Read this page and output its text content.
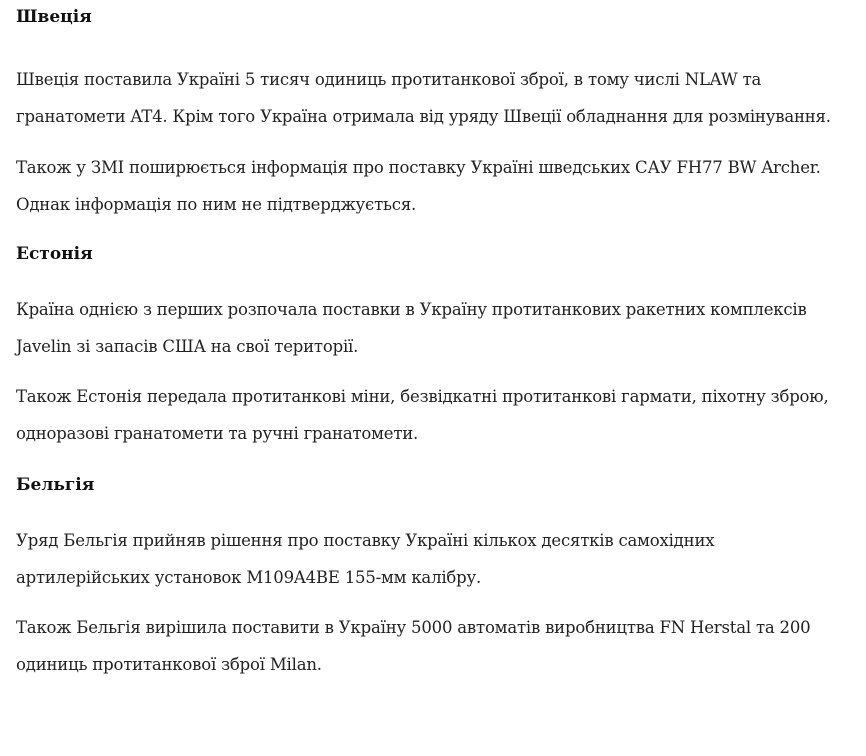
Швеція

Швеція поставила Україні 5 тисяч одиниць протитанкової зброї, в тому числі NLAW та гранатомети AT4. Крім того Україна отримала від уряду Швеції обладнання для розмінування.

Також у ЗМІ поширюється інформація про поставку Україні шведських САУ FH77 BW Archer. Однак інформація по ним не підтверджується.

Естонія

Країна однією з перших розпочала поставки в Україну протитанкових ракетних комплексів Javelin зі запасів США на свої території.

Також Естонія передала протитанкові міни, безвідкатні протитанкові гармати, піхотну зброю, одноразові гранатомети та ручні гранатомети.

Бельгія

Уряд Бельгія прийняв рішення про поставку Україні кількох десятків самохідних артилерійських установок M109A4BE 155-мм калібру.

Також Бельгія вирішила поставити в Україну 5000 автоматів виробництва FN Herstal та 200 одиниць протитанкової зброї Milan.
